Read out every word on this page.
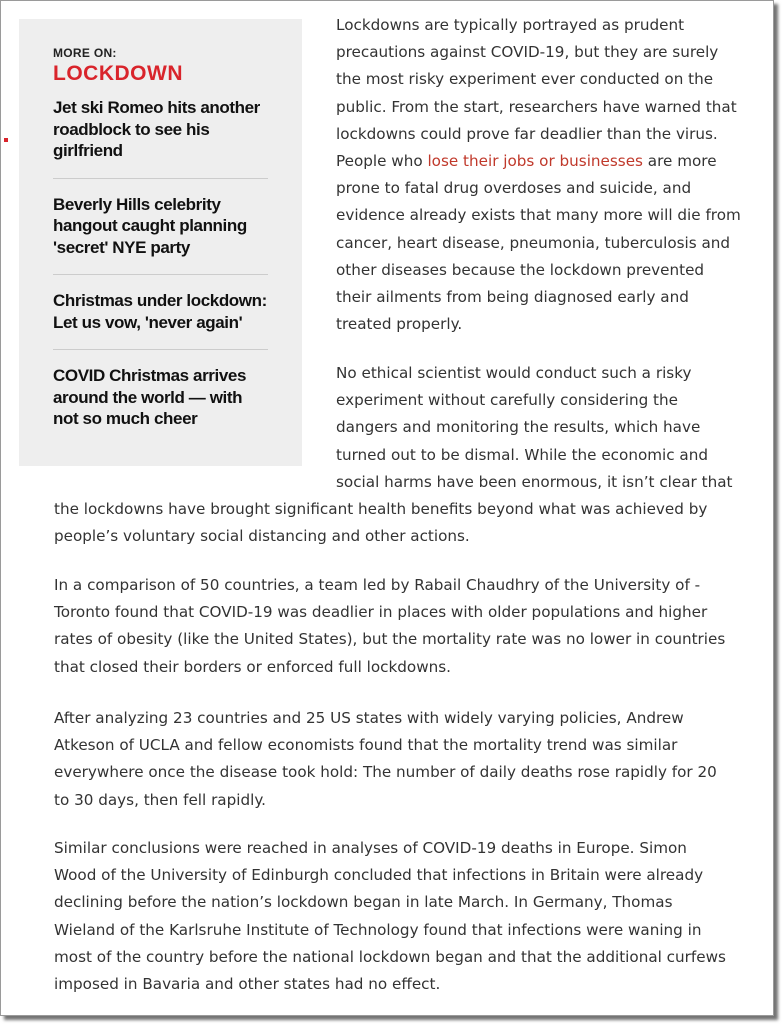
MORE ON:
LOCKDOWN
Jet ski Romeo hits another roadblock to see his girlfriend
Beverly Hills celebrity hangout caught planning 'secret' NYE party
Christmas under lockdown: Let us vow, 'never again'
COVID Christmas arrives around the world — with not so much cheer

Lockdowns are typically portrayed as prudent
precautions against COVID-19, but they are surely
the most risky experiment ever conducted on the
public. From the start, researchers have warned that
lockdowns could prove far deadlier than the virus.
People who lose their jobs or businesses are more
prone to fatal drug overdoses and suicide, and
evidence already exists that many more will die from
cancer, heart disease, pneumonia, tuberculosis and
other diseases because the lockdown prevented
their ailments from being diagnosed early and
treated properly.

No ethical scientist would conduct such a risky
experiment without carefully considering the
dangers and monitoring the results, which have
turned out to be dismal. While the economic and
social harms have been enormous, it isn’t clear that

the lockdowns have brought significant health benefits beyond what was achieved by
people’s voluntary social distancing and other actions.

In a comparison of 50 countries, a team led by Rabail Chaudhry of the University of -
Toronto found that COVID-19 was deadlier in places with older populations and higher
rates of obesity (like the United States), but the mortality rate was no lower in countries
that closed their borders or enforced full lockdowns.

After analyzing 23 countries and 25 US states with widely varying policies, Andrew
Atkeson of UCLA and fellow economists found that the mortality trend was similar
everywhere once the disease took hold: The number of daily deaths rose rapidly for 20
to 30 days, then fell rapidly.

Similar conclusions were reached in analyses of COVID-19 deaths in Europe. Simon
Wood of the University of Edinburgh concluded that infections in Britain were already
declining before the nation’s lockdown began in late March. In Germany, Thomas
Wieland of the Karlsruhe Institute of Technology found that infections were waning in
most of the country before the national lockdown began and that the additional curfews
imposed in Bavaria and other states had no effect.
